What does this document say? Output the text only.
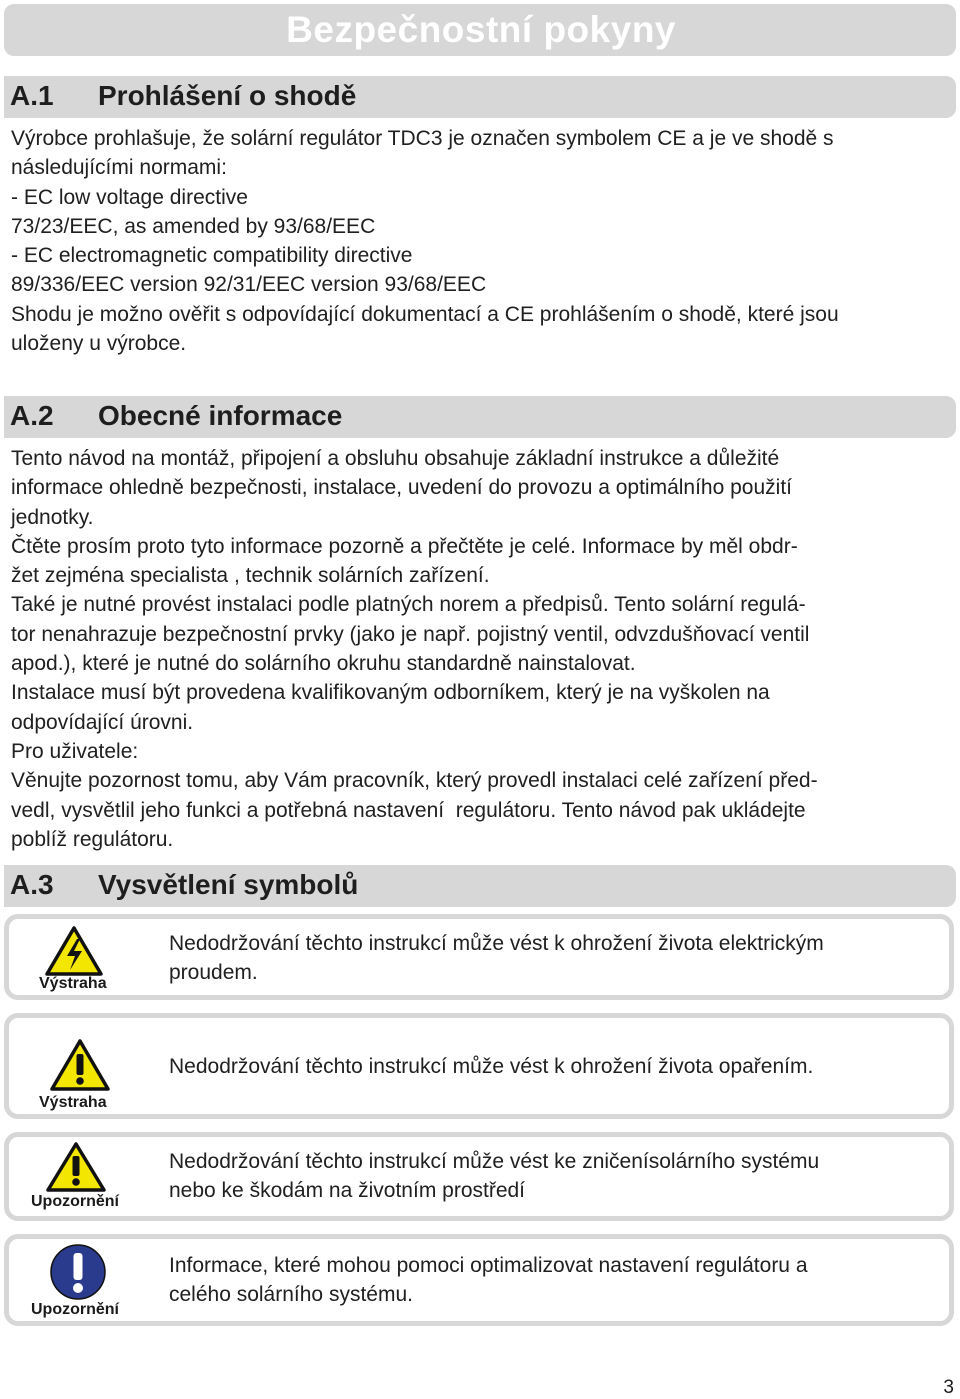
Bezpečnostní pokyny
A.1 Prohlášení o shodě
Výrobce prohlašuje, že solární regulátor TDC3 je označen symbolem CE a je ve shodě s
následujícími normami:
- EC low voltage directive
73/23/EEC, as amended by 93/68/EEC
- EC electromagnetic compatibility directive
89/336/EEC version 92/31/EEC version 93/68/EEC
Shodu je možno ověřit s odpovídající dokumentací a CE prohlášením o shodě, které jsou
uloženy u výrobce.
A.2 Obecné informace
Tento návod na montáž, připojení a obsluhu obsahuje základní instrukce a důležité
informace ohledně bezpečnosti, instalace, uvedení do provozu a optimálního použití
jednotky.
Čtěte prosím proto tyto informace pozorně a přečtěte je celé. Informace by měl obdr-
žet zejména specialista , technik solárních zařízení.
Také je nutné provést instalaci podle platných norem a předpisů. Tento solární regulá-
tor nenahrazuje bezpečnostní prvky (jako je např. pojistný ventil, odvzdušňovací ventil
apod.), které je nutné do solárního okruhu standardně nainstalovat.
Instalace musí být provedena kvalifikovaným odborníkem, který je na vyškolen na
odpovídající úrovni.
Pro uživatele:
Věnujte pozornost tomu, aby Vám pracovník, který provedl instalaci celé zařízení před-
vedl, vysvětlil jeho funkci a potřebná nastavení  regulátoru. Tento návod pak ukládejte
poblíž regulátoru.
A.3 Vysvětlení symbolů
Výstraha
Nedodržování těchto instrukcí může vést k ohrožení života elektrickým
proudem.
Výstraha
Nedodržování těchto instrukcí může vést k ohrožení života opařením.
Upozornění
Nedodržování těchto instrukcí může vést ke zničenísolárního systému
nebo ke škodám na životním prostředí
Upozornění
Informace, které mohou pomoci optimalizovat nastavení regulátoru a
celého solárního systému.
3
